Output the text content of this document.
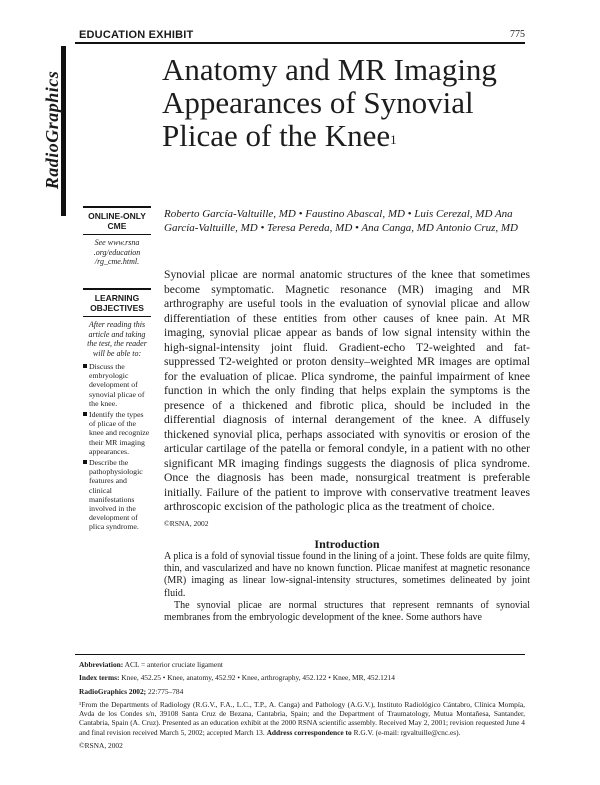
EDUCATION EXHIBIT	775
RadioGraphics
Anatomy and MR Imaging Appearances of Synovial Plicae of the Knee$^1$
Roberto García-Valtuille, MD • Faustino Abascal, MD • Luis Cerezal, MD Ana García-Valtuille, MD • Teresa Pereda, MD • Ana Canga, MD Antonio Cruz, MD
ONLINE-ONLY CME
See www.rsna .org/education /rg_cme.html.
LEARNING OBJECTIVES
After reading this article and taking the test, the reader will be able to:
Discuss the embryologic development of synovial plicae of the knee.
Identify the types of plicae of the knee and recognize their MR imaging appearances.
Describe the pathophysiologic features and clinical manifestations involved in the development of plica syndrome.

Synovial plicae are normal anatomic structures of the knee that sometimes become symptomatic. Magnetic resonance (MR) imaging and MR arthrography are useful tools in the evaluation of synovial plicae and allow differentiation of these entities from other causes of knee pain. At MR imaging, synovial plicae appear as bands of low signal intensity within the high-signal-intensity joint fluid. Gradient-echo T2-weighted and fat-suppressed T2-weighted or proton density–weighted MR images are optimal for the evaluation of plicae. Plica syndrome, the painful impairment of knee function in which the only finding that helps explain the symptoms is the presence of a thickened and fibrotic plica, should be included in the differential diagnosis of internal derangement of the knee. A diffusely thickened synovial plica, perhaps associated with synovitis or erosion of the articular cartilage of the patella or femoral condyle, in a patient with no other significant MR imaging findings suggests the diagnosis of plica syndrome. Once the diagnosis has been made, nonsurgical treatment is preferable initially. Failure of the patient to improve with conservative treatment leaves arthroscopic excision of the pathologic plica as the treatment of choice.

©RSNA, 2002
Introduction

A plica is a fold of synovial tissue found in the lining of a joint. These folds are quite filmy, thin, and vascularized and have no known function. Plicae manifest at magnetic resonance (MR) imaging as linear low-signal-intensity structures, sometimes delineated by joint fluid.

The synovial plicae are normal structures that represent remnants of synovial membranes from the embryologic development of the knee. Some authors have

Abbreviation: ACL = anterior cruciate ligament
Index terms: Knee, 452.25 • Knee, anatomy, 452.92 • Knee, arthrography, 452.122 • Knee, MR, 452.1214
RadioGraphics 2002; 22:775–784
¹From the Departments of Radiology (R.G.V., F.A., L.C., T.P., A. Canga) and Pathology (A.G.V.), Instituto Radiológico Cántabro, Clínica Mompía, Avda de los Condes s/n, 39108 Santa Cruz de Bezana, Cantabria, Spain; and the Department of Traumatology, Mutua Montañesa, Santander, Cantabria, Spain (A. Cruz). Presented as an education exhibit at the 2000 RSNA scientific assembly. Received May 2, 2001; revision requested June 4 and final revision received March 5, 2002; accepted March 13. Address correspondence to R.G.V. (e-mail: rgvaltuille@cnc.es).
©RSNA, 2002
